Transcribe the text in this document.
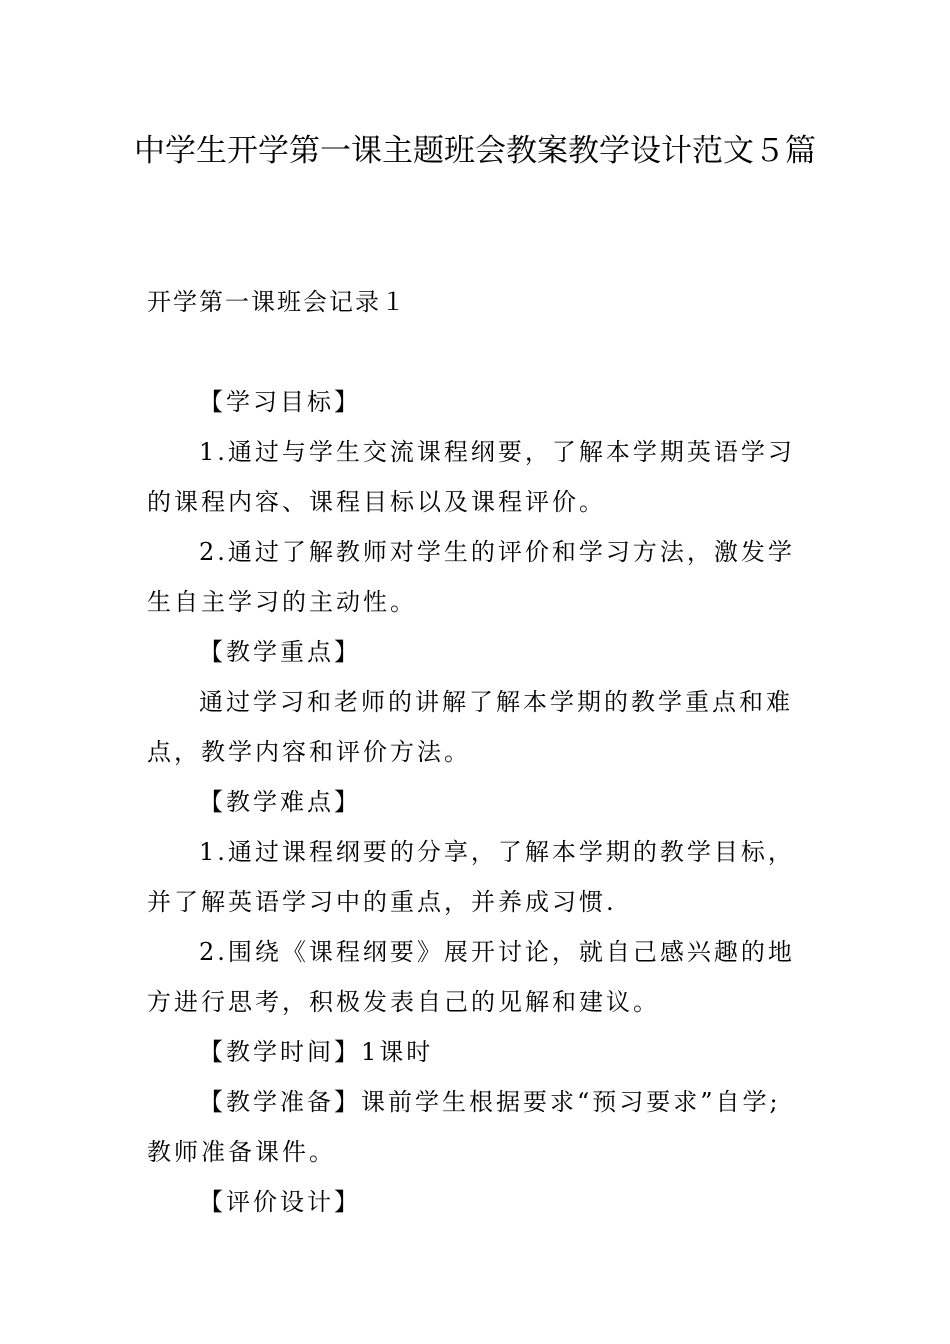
中学生开学第一课主题班会教案教学设计范文５篇
开学第一课班会记录１

【学习目标】

1.通过与学生交流课程纲要，了解本学期英语学习的课程内容、课程目标以及课程评价。

2.通过了解教师对学生的评价和学习方法，激发学生自主学习的主动性。

【教学重点】

通过学习和老师的讲解了解本学期的教学重点和难点，教学内容和评价方法。

【教学难点】

1.通过课程纲要的分享，了解本学期的教学目标，并了解英语学习中的重点，并养成习惯.

2.围绕《课程纲要》展开讨论，就自己感兴趣的地方进行思考，积极发表自己的见解和建议。

【教学时间】1课时

【教学准备】课前学生根据要求“预习要求”自学;教师准备课件。

【评价设计】
